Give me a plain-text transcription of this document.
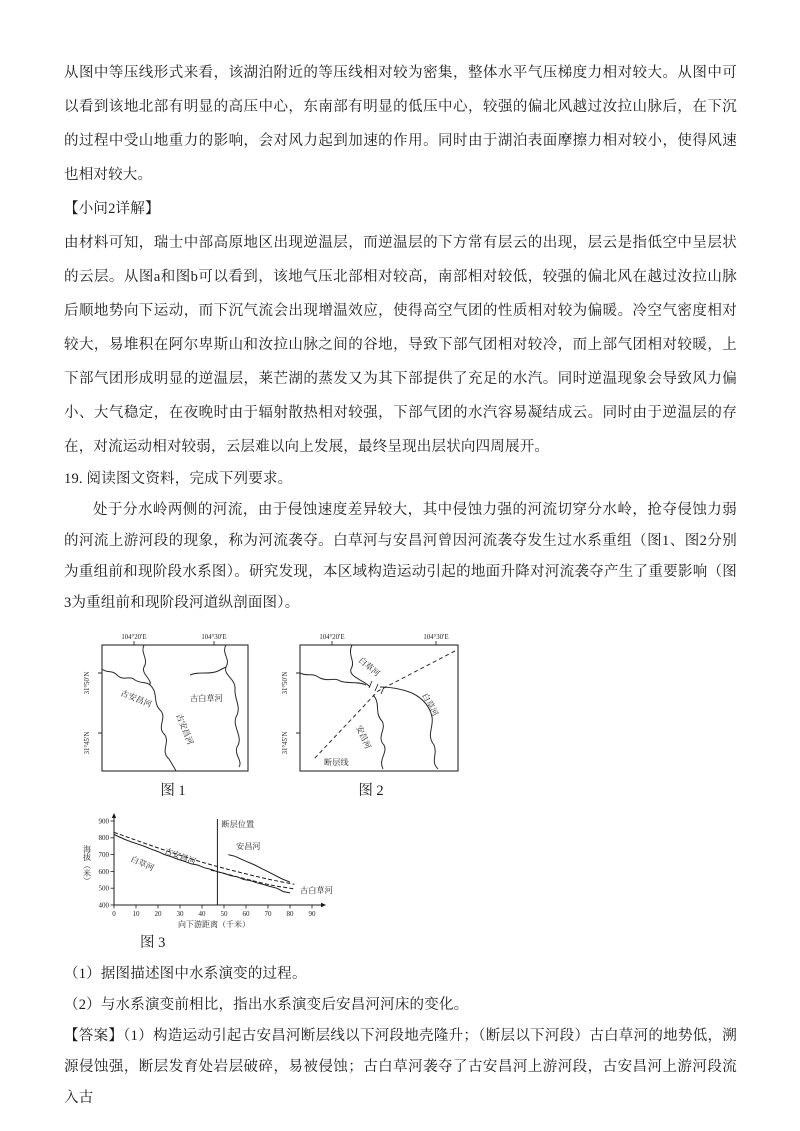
从图中等压线形式来看，该湖泊附近的等压线相对较为密集，整体水平气压梯度力相对较大。从图中可以看到该地北部有明显的高压中心，东南部有明显的低压中心，较强的偏北风越过汝拉山脉后，在下沉的过程中受山地重力的影响，会对风力起到加速的作用。同时由于湖泊表面摩擦力相对较小，使得风速也相对较大。

【小问2详解】

由材料可知，瑞士中部高原地区出现逆温层，而逆温层的下方常有层云的出现，层云是指低空中呈层状的云层。从图a和图b可以看到，该地气压北部相对较高，南部相对较低，较强的偏北风在越过汝拉山脉后顺地势向下运动，而下沉气流会出现增温效应，使得高空气团的性质相对较为偏暖。冷空气密度相对较大，易堆积在阿尔卑斯山和汝拉山脉之间的谷地，导致下部气团相对较冷，而上部气团相对较暖，上下部气团形成明显的逆温层，莱芒湖的蒸发又为其下部提供了充足的水汽。同时逆温现象会导致风力偏小、大气稳定，在夜晚时由于辐射散热相对较强，下部气团的水汽容易凝结成云。同时由于逆温层的存在，对流运动相对较弱，云层难以向上发展，最终呈现出层状向四周展开。

19. 阅读图文资料，完成下列要求。

处于分水岭两侧的河流，由于侵蚀速度差异较大，其中侵蚀力强的河流切穿分水岭，抢夺侵蚀力弱的河流上游河段的现象，称为河流袭夺。白草河与安昌河曾因河流袭夺发生过水系重组（图1、图2分别为重组前和现阶段水系图）。研究发现，本区域构造运动引起的地面升降对河流袭夺产生了重要影响（图3为重组前和现阶段河道纵剖面图）。

104°20′E	104°30′E
31°50′N
31°45′N
古安昌河
古安昌河
古白草河
图 1
104°20′E	104°30′E
31°50′N
31°45′N
白草河
白草河
安昌河
断层线
图 2
0 10 20 30 40 50 60 70 80 90
400
500
600
700
800
900	断层位置
白草河 古安昌河	安昌河
古白草河
海拔（米）
向下游距离（千米）
图 3

（1）据图描述图中水系演变的过程。

（2）与水系演变前相比，指出水系演变后安昌河河床的变化。

【答案】（1）构造运动引起古安昌河断层线以下河段地壳隆升；（断层以下河段）古白草河的地势低，溯源侵蚀强，断层发育处岩层破碎，易被侵蚀；古白草河袭夺了古安昌河上游河段，古安昌河上游河段流入古
